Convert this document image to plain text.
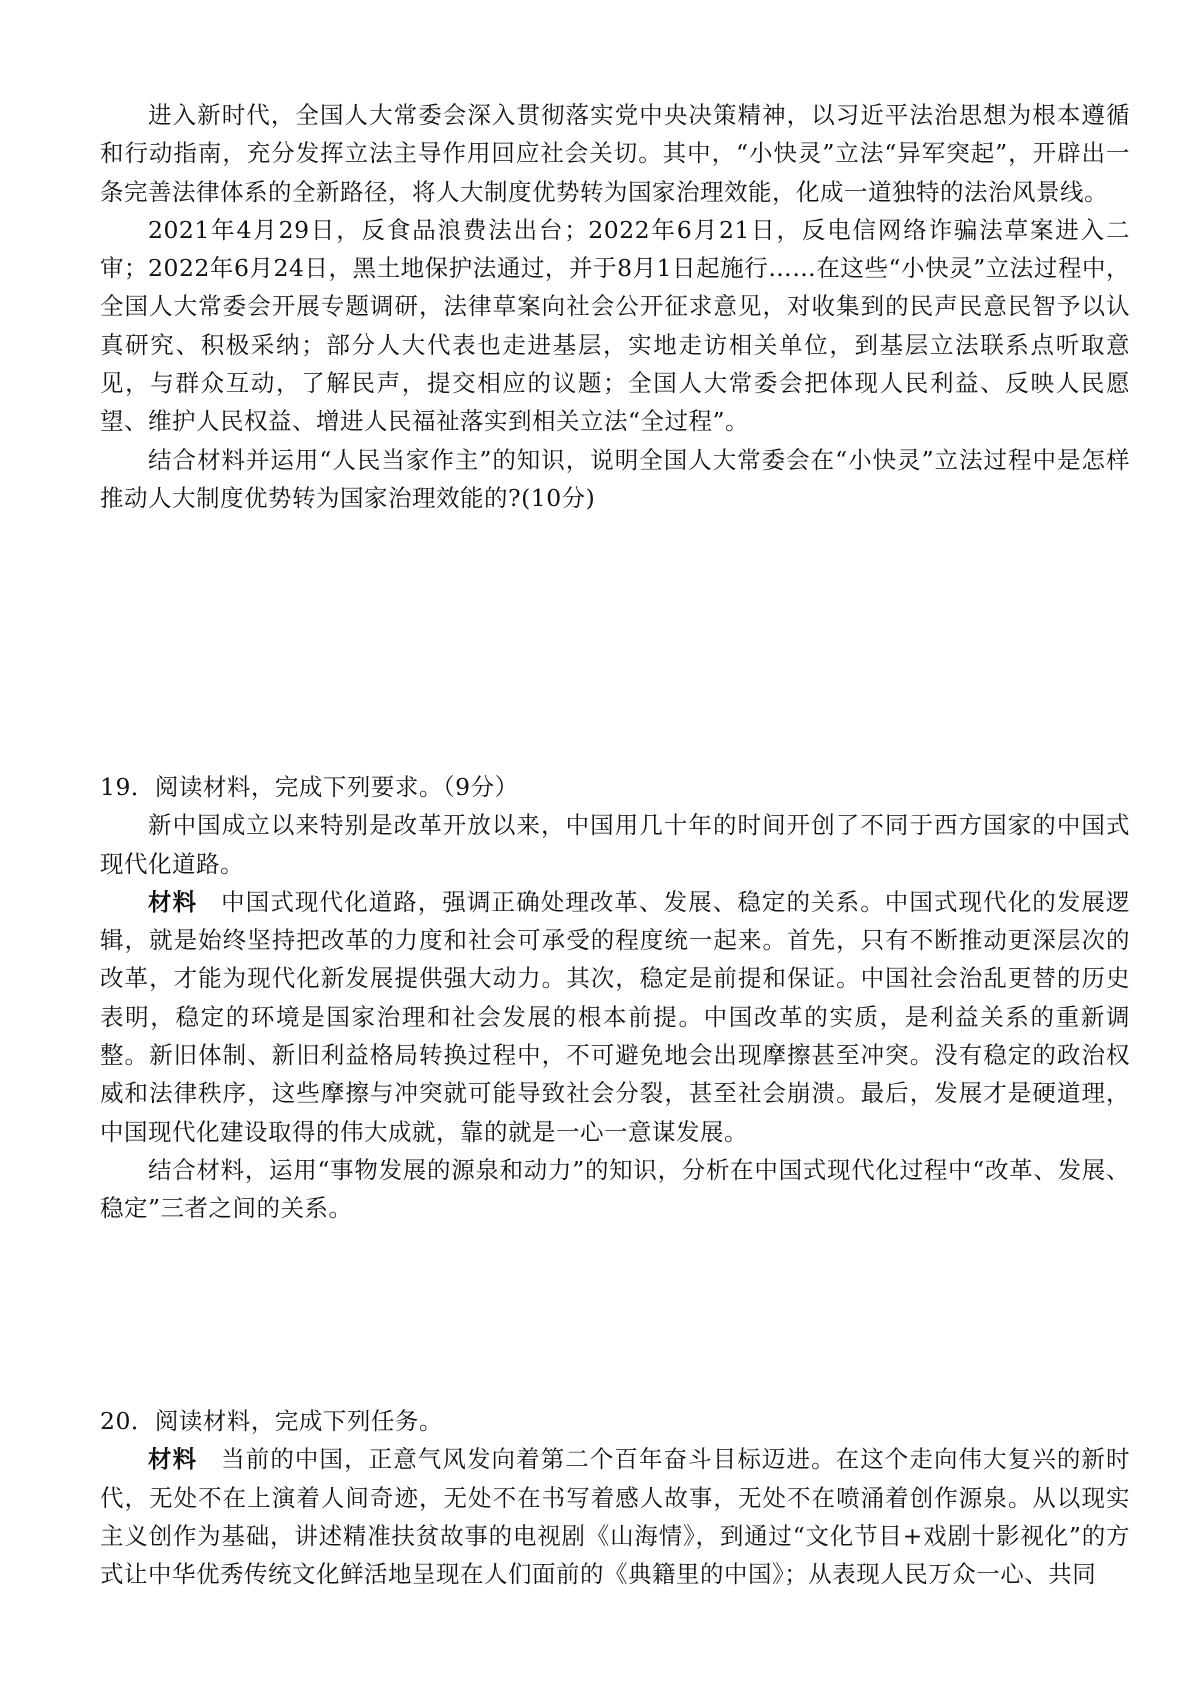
进入新时代，全国人大常委会深入贯彻落实党中央决策精神，以习近平法治思想为根本遵循和行动指南，充分发挥立法主导作用回应社会关切。其中，“小快灵”立法“异军突起”，开辟出一条完善法律体系的全新路径，将人大制度优势转为国家治理效能，化成一道独特的法治风景线。

2021年4月29日，反食品浪费法出台；2022年6月21日，反电信网络诈骗法草案进入二审；2022年6月24日，黑土地保护法通过，并于8月1日起施行……在这些“小快灵”立法过程中，全国人大常委会开展专题调研，法律草案向社会公开征求意见，对收集到的民声民意民智予以认真研究、积极采纳；部分人大代表也走进基层，实地走访相关单位，到基层立法联系点听取意见，与群众互动，了解民声，提交相应的议题；全国人大常委会把体现人民利益、反映人民愿望、维护人民权益、增进人民福祉落实到相关立法“全过程”。

结合材料并运用“人民当家作主”的知识，说明全国人大常委会在“小快灵”立法过程中是怎样推动人大制度优势转为国家治理效能的?(10分)

19．阅读材料，完成下列要求。（9分）

新中国成立以来特别是改革开放以来，中国用几十年的时间开创了不同于西方国家的中国式现代化道路。

材料 中国式现代化道路，强调正确处理改革、发展、稳定的关系。中国式现代化的发展逻辑，就是始终坚持把改革的力度和社会可承受的程度统一起来。首先，只有不断推动更深层次的改革，才能为现代化新发展提供强大动力。其次，稳定是前提和保证。中国社会治乱更替的历史表明，稳定的环境是国家治理和社会发展的根本前提。中国改革的实质，是利益关系的重新调整。新旧体制、新旧利益格局转换过程中，不可避免地会出现摩擦甚至冲突。没有稳定的政治权威和法律秩序，这些摩擦与冲突就可能导致社会分裂，甚至社会崩溃。最后，发展才是硬道理，中国现代化建设取得的伟大成就，靠的就是一心一意谋发展。

结合材料，运用“事物发展的源泉和动力”的知识，分析在中国式现代化过程中“改革、发展、稳定”三者之间的关系。

20．阅读材料，完成下列任务。

材料 当前的中国，正意气风发向着第二个百年奋斗目标迈进。在这个走向伟大复兴的新时代，无处不在上演着人间奇迹，无处不在书写着感人故事，无处不在喷涌着创作源泉。从以现实主义创作为基础，讲述精准扶贫故事的电视剧《山海情》，到通过“文化节目+戏剧十影视化”的方式让中华优秀传统文化鲜活地呈现在人们面前的《典籍里的中国》；从表现人民万众一心、共同
